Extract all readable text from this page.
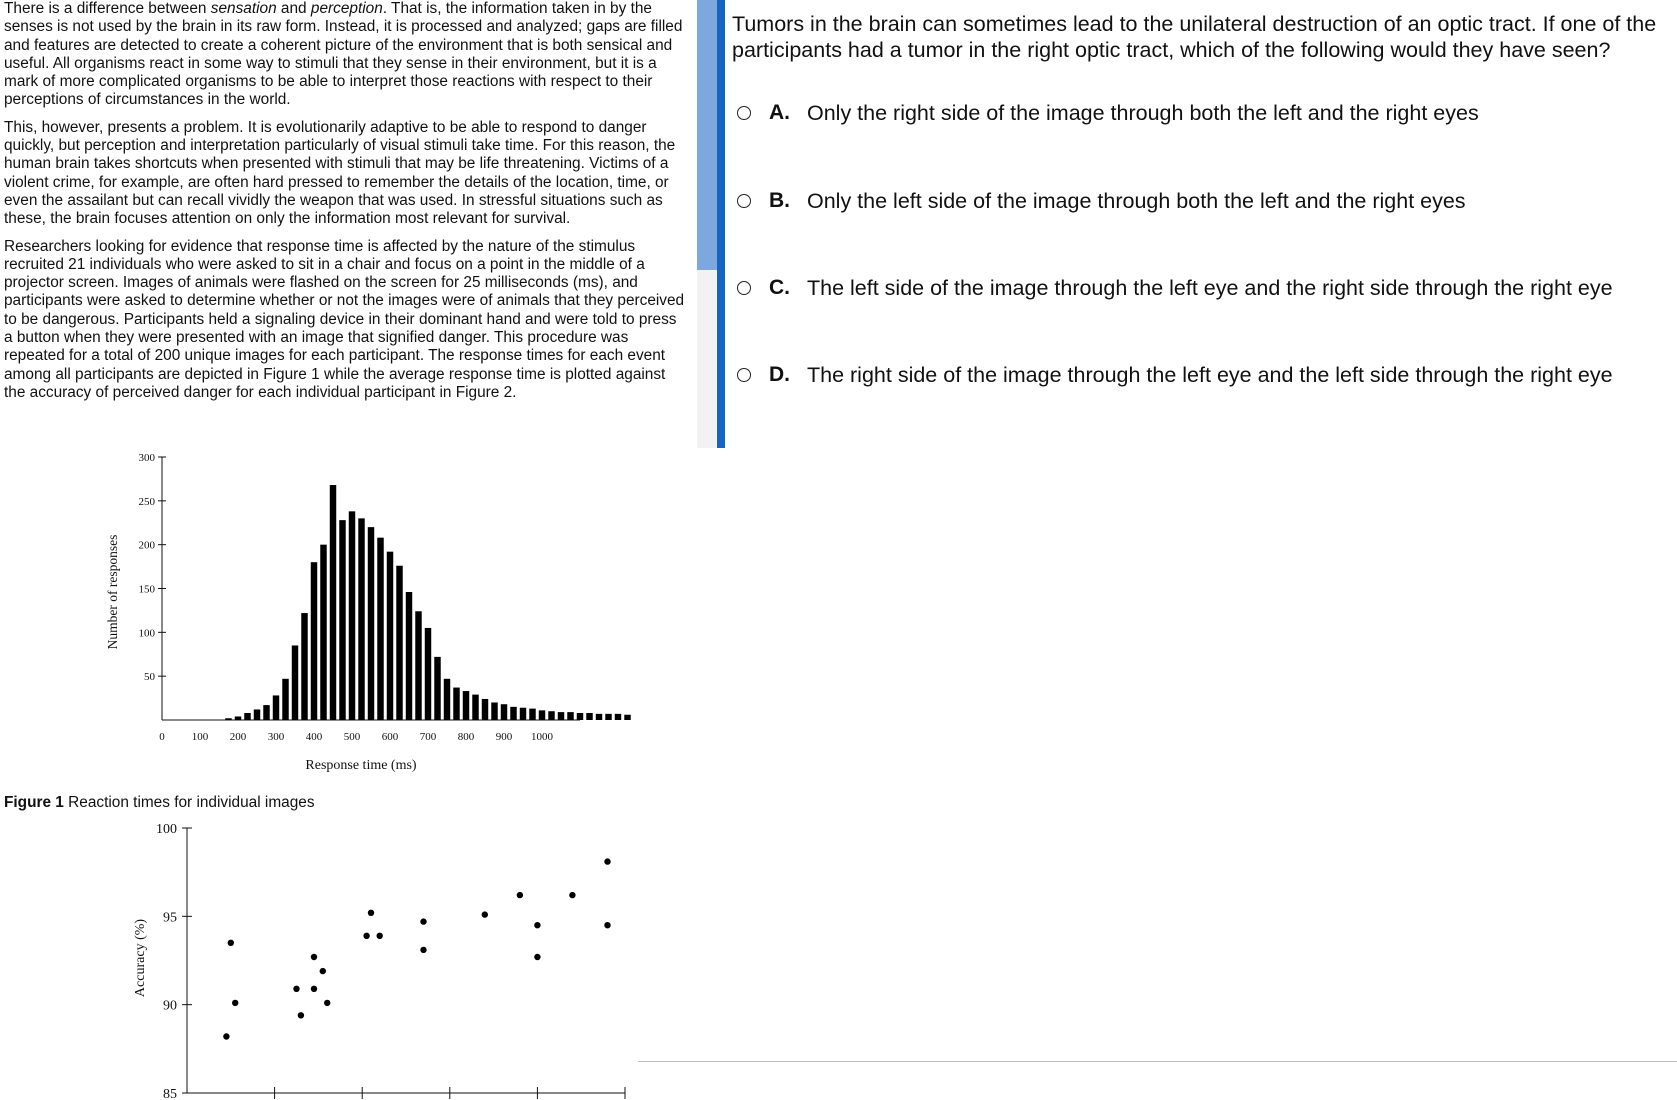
There is a difference between sensation and perception. That is, the information taken in by the senses is not used by the brain in its raw form. Instead, it is processed and analyzed; gaps are filled and features are detected to create a coherent picture of the environment that is both sensical and useful. All organisms react in some way to stimuli that they sense in their environment, but it is a mark of more complicated organisms to be able to interpret those reactions with respect to their perceptions of circumstances in the world.

This, however, presents a problem. It is evolutionarily adaptive to be able to respond to danger quickly, but perception and interpretation particularly of visual stimuli take time. For this reason, the human brain takes shortcuts when presented with stimuli that may be life threatening. Victims of a violent crime, for example, are often hard pressed to remember the details of the location, time, or even the assailant but can recall vividly the weapon that was used. In stressful situations such as these, the brain focuses attention on only the information most relevant for survival.

Researchers looking for evidence that response time is affected by the nature of the stimulus recruited 21 individuals who were asked to sit in a chair and focus on a point in the middle of a projector screen. Images of animals were flashed on the screen for 25 milliseconds (ms), and participants were asked to determine whether or not the images were of animals that they perceived to be dangerous. Participants held a signaling device in their dominant hand and were told to press a button when they were presented with an image that signified danger. This procedure was repeated for a total of 200 unique images for each participant. The response times for each event among all participants are depicted in Figure 1 while the average response time is plotted against the accuracy of perceived danger for each individual participant in Figure 2.

50
100
150
200
250
300
0 100 200 300 400 500 600 700 800 900 1000
Response time (ms)
Number of responses
Figure 1 Reaction times for individual images
85
90
95
100
Accuracy (%)
Tumors in the brain can sometimes lead to the unilateral destruction of an optic tract. If one of the participants had a tumor in the right optic tract, which of the following would they have seen?
A. Only the right side of the image through both the left and the right eyes
B. Only the left side of the image through both the left and the right eyes
C. The left side of the image through the left eye and the right side through the right eye
D. The right side of the image through the left eye and the left side through the right eye
